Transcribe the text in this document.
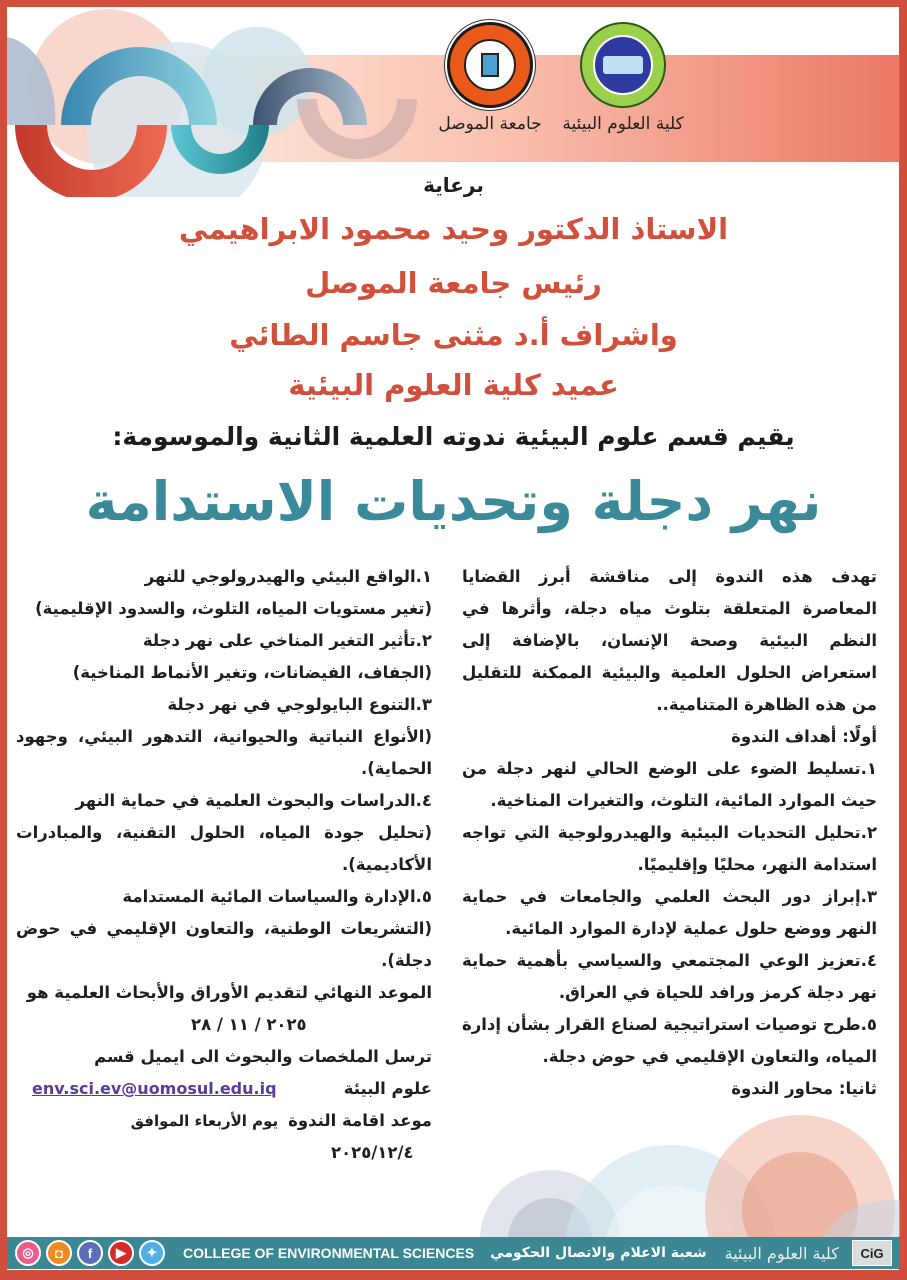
جامعة الموصل كلية العلوم البيئية
برعاية
الاستاذ الدكتور وحيد محمود الابراهيمي
رئيس جامعة الموصل
واشراف أ.د مثنى جاسم الطائي
عميد كلية العلوم البيئية
يقيم قسم علوم البيئية ندوته العلمية الثانية والموسومة:
نهر دجلة وتحديات الاستدامة

تهدف هذه الندوة إلى مناقشة أبرز القضايا المعاصرة المتعلقة بتلوث مياه دجلة، وأثرها في النظم البيئية وصحة الإنسان، بالإضافة إلى استعراض الحلول العلمية والبيئية الممكنة للتقليل من هذه الظاهرة المتنامية..

أولًا: أهداف الندوة

١.تسليط الضوء على الوضع الحالي لنهر دجلة من حيث الموارد المائية، التلوث، والتغيرات المناخية.

٢.تحليل التحديات البيئية والهيدرولوجية التي تواجه استدامة النهر، محليًا وإقليميًا.

٣.إبراز دور البحث العلمي والجامعات في حماية النهر ووضع حلول عملية لإدارة الموارد المائية.

٤.تعزيز الوعي المجتمعي والسياسي بأهمية حماية نهر دجلة كرمز ورافد للحياة في العراق.

٥.طرح توصيات استراتيجية لصناع القرار بشأن إدارة المياه، والتعاون الإقليمي في حوض دجلة.

ثانيا: محاور الندوة

١.الواقع البيئي والهيدرولوجي للنهر

(تغير مستويات المياه، التلوث، والسدود الإقليمية)

٢.تأثير التغير المناخي على نهر دجلة

(الجفاف، الفيضانات، وتغير الأنماط المناخية)

٣.التنوع البايولوجي في نهر دجلة

(الأنواع النباتية والحيوانية، التدهور البيئي، وجهود الحماية).

٤.الدراسات والبحوث العلمية في حماية النهر

(تحليل جودة المياه، الحلول التقنية، والمبادرات الأكاديمية).

٥.الإدارة والسياسات المائية المستدامة

(التشريعات الوطنية، والتعاون الإقليمي في حوض دجلة).

الموعد النهائي لتقديم الأوراق والأبحاث العلمية هو

٢٠٢٥ / ١١ / ٢٨

ترسل الملخصات والبحوث الى ايميل قسم

علوم البيئة
env.sci.ev@uomosul.edu.iq
موعد اقامة الندوة
يوم الأربعاء الموافق

٢٠٢٥/١٢/٤

◎	◘	f	▶	✦	COLLEGE OF ENVIRONMENTAL SCIENCES شعبة الاعلام والاتصال الحكومي كلية العلوم البيئية	CiG
